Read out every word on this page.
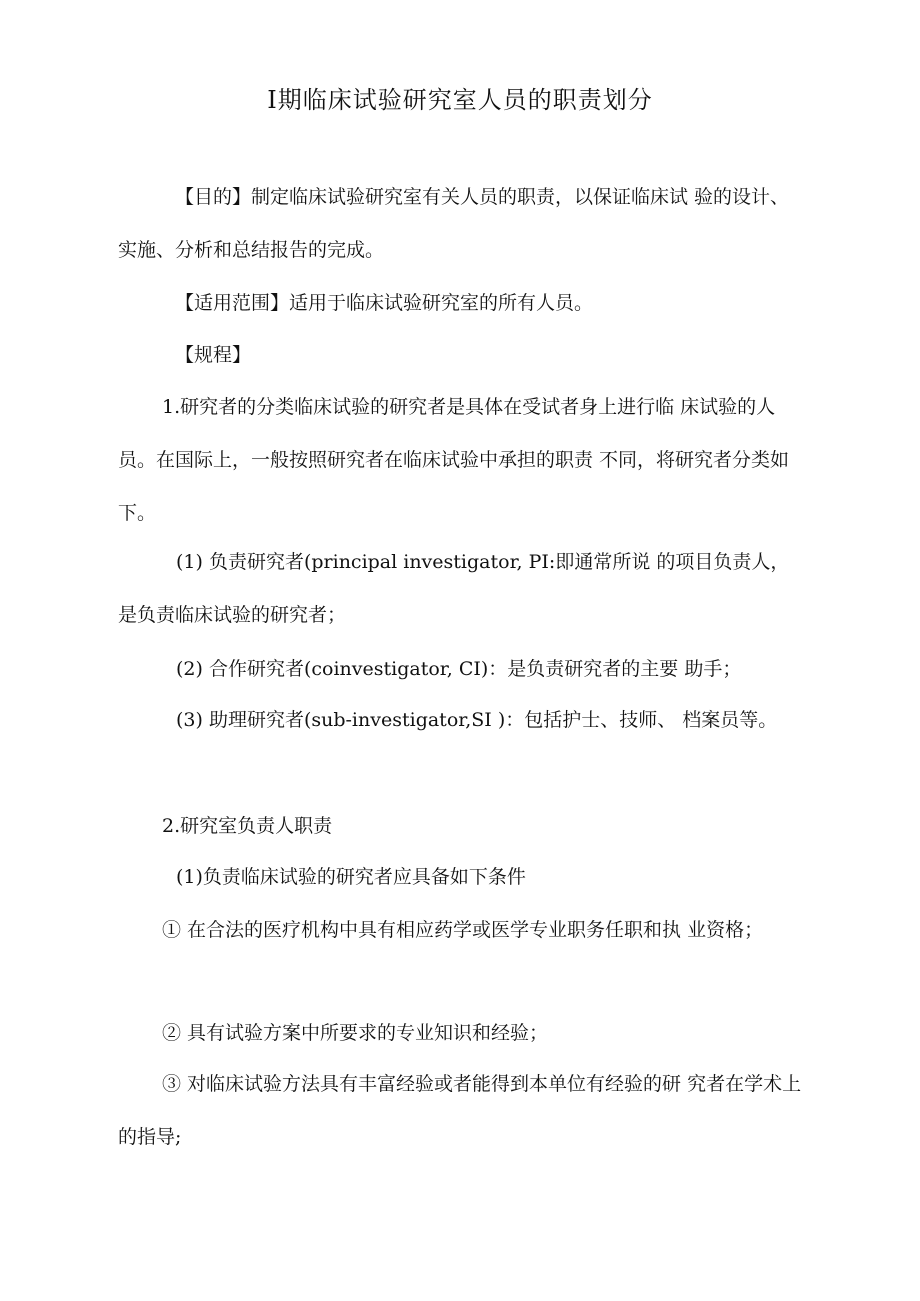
Ⅰ期临床试验研究室人员的职责划分

【目的】制定临床试验研究室有关人员的职责，以保证临床试 验的设计、实施、分析和总结报告的完成。

【适用范围】适用于临床试验研究室的所有人员。

【规程】

1.研究者的分类临床试验的研究者是具体在受试者身上进行临 床试验的人员。在国际上，一般按照研究者在临床试验中承担的职责 不同，将研究者分类如下。

(1) 负责研究者(principal investigator, PI:即通常所说 的项目负责人，是负责临床试验的研究者；

(2) 合作研究者(coinvestigator, CI)：是负责研究者的主要 助手；

(3) 助理研究者(sub-investigator,SI )：包括护士、技师、 档案员等。

2.研究室负责人职责

(1)负责临床试验的研究者应具备如下条件

① 在合法的医疗机构中具有相应药学或医学专业职务任职和执 业资格；

② 具有试验方案中所要求的专业知识和经验；

③ 对临床试验方法具有丰富经验或者能得到本单位有经验的研 究者在学术上的指导;
